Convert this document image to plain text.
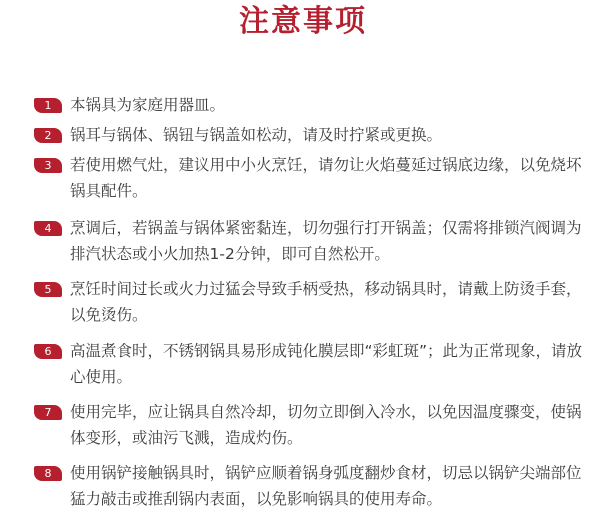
注意事项
1	本锅具为家庭用器皿。
2	锅耳与锅体、锅钮与锅盖如松动，请及时拧紧或更换。
3	若使用燃气灶，建议用中小火烹饪，请勿让火焰蔓延过锅底边缘，以免烧坏锅具配件。
4	烹调后，若锅盖与锅体紧密黏连，切勿强行打开锅盖；仅需将排锁汽阀调为排汽状态或小火加热1-2分钟，即可自然松开。
5	烹饪时间过长或火力过猛会导致手柄受热，移动锅具时，请戴上防烫手套，以免烫伤。
6	高温煮食时，不锈钢锅具易形成钝化膜层即“彩虹斑”；此为正常现象，请放心使用。
7	使用完毕，应让锅具自然冷却，切勿立即倒入冷水，以免因温度骤变，使锅体变形，或油污飞溅，造成灼伤。
8	使用锅铲接触锅具时，锅铲应顺着锅身弧度翻炒食材，切忌以锅铲尖端部位猛力敲击或推刮锅内表面，以免影响锅具的使用寿命。
